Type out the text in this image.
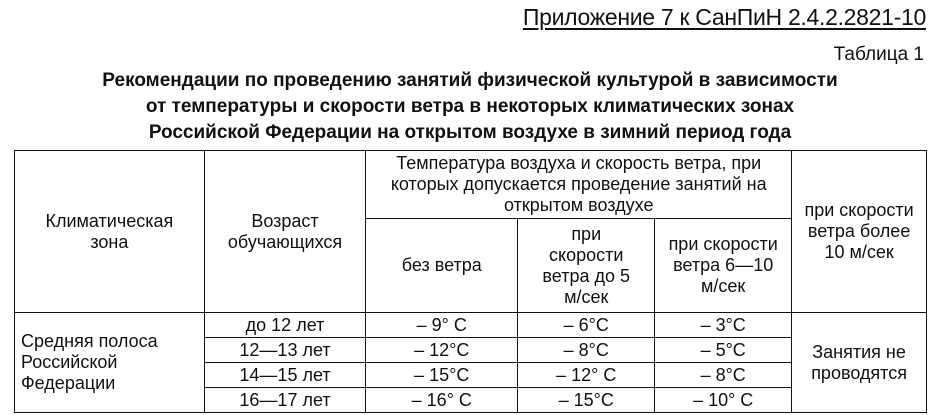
Приложение 7 к СанПиН 2.4.2.2821-10
Таблица 1
Рекомендации по проведению занятий физической культурой в зависимости
от температуры и скорости ветра в некоторых климатических зонах
Российской Федерации на открытом воздухе в зимний период года
Климатическая зона	Возраст обучающихся	Температура воздуха и скорость ветра, при которых допускается проведение занятий на открытом воздухе			при скорости ветра более 10 м/сек

		без ветра	при скорости ветра до 5 м/сек	при скорости ветра 6—10 м/сек	

Средняя полоса Российской Федерации	до 12 лет	– 9° С	– 6°С	– 3°С	Занятия не проводятся

	12—13 лет	– 12°С	– 8°С	– 5°С	
	14—15 лет	– 15°С	– 12° С	– 8°С	
	16—17 лет	– 16° С	– 15°С	– 10° С	
